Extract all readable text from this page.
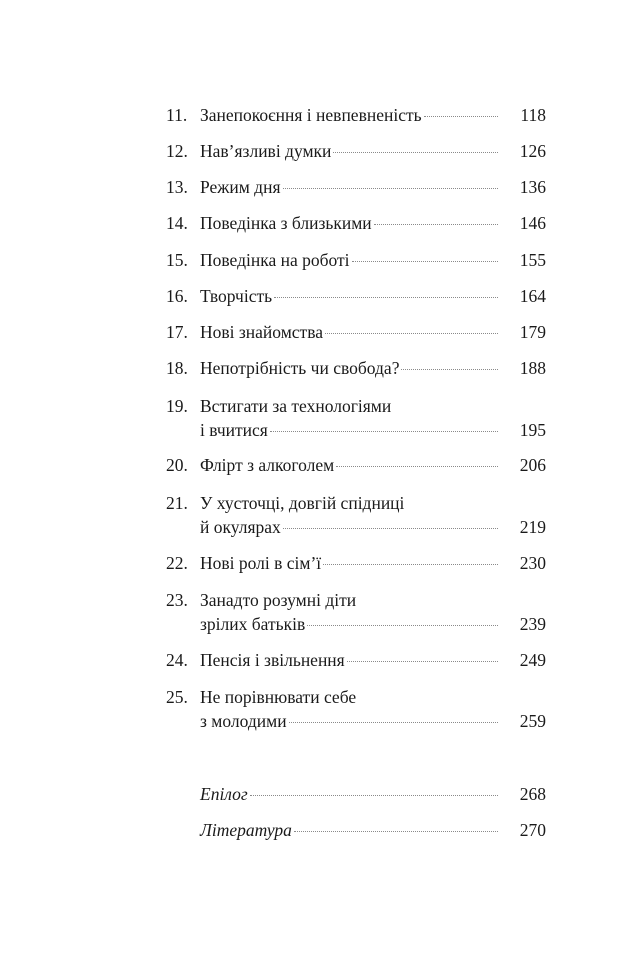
11. Занепокоєння і невпевненість	118
12. Нав’язливі думки	126
13. Режим дня	136
14. Поведінка з близькими	146
15. Поведінка на роботі	155
16. Творчість	164
17. Нові знайомства	179
18. Непотрібність чи свобода?	188
19. Встигати за технологіями
і вчитися	195
20. Флірт з алкоголем	206
21. У хусточці, довгій спідниці
й окулярах	219
22. Нові ролі в сім’ї	230
23. Занадто розумні діти
зрілих батьків	239
24. Пенсія і звільнення	249
25. Не порівнювати себе
з молодими	259
Епілог	268
Література	270
